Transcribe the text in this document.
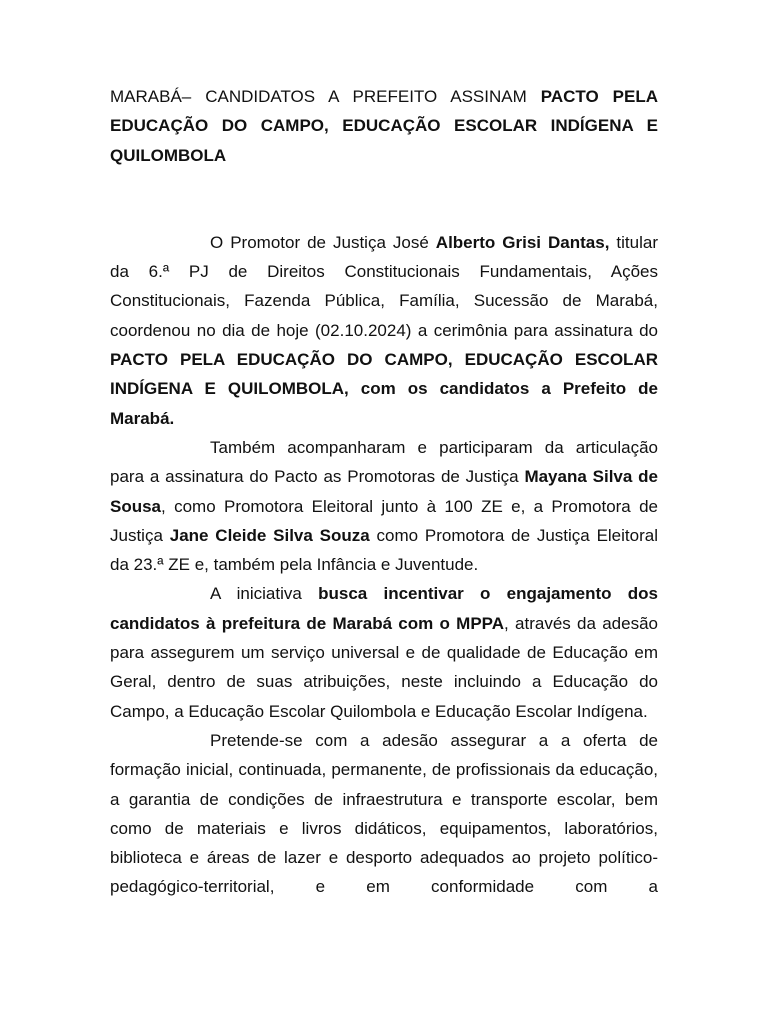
MARABÁ– CANDIDATOS A PREFEITO ASSINAM PACTO PELA EDUCAÇÃO DO CAMPO, EDUCAÇÃO ESCOLAR INDÍGENA E QUILOMBOLA

O Promotor de Justiça José Alberto Grisi Dantas, titular da 6.ª PJ de Direitos Constitucionais Fundamentais, Ações Constitucionais, Fazenda Pública, Família, Sucessão de Marabá, coordenou no dia de hoje (02.10.2024) a cerimônia para assinatura do PACTO PELA EDUCAÇÃO DO CAMPO, EDUCAÇÃO ESCOLAR INDÍGENA E QUILOMBOLA, com os candidatos a Prefeito de Marabá.

Também acompanharam e participaram da articulação para a assinatura do Pacto as Promotoras de Justiça Mayana Silva de Sousa, como Promotora Eleitoral junto à 100 ZE e, a Promotora de Justiça Jane Cleide Silva Souza como Promotora de Justiça Eleitoral da 23.ª ZE e, também pela Infância e Juventude.

A iniciativa busca incentivar o engajamento dos candidatos à prefeitura de Marabá com o MPPA, através da adesão para assegurem um serviço universal e de qualidade de Educação em Geral, dentro de suas atribuições, neste incluindo a Educação do Campo, a Educação Escolar Quilombola e Educação Escolar Indígena.

Pretende-se com a adesão assegurar a a oferta de formação inicial, continuada, permanente, de profissionais da educação, a garantia de condições de infraestrutura e transporte escolar, bem como de materiais e livros didáticos, equipamentos, laboratórios, biblioteca e áreas de lazer e desporto adequados ao projeto político-pedagógico-territorial, e em conformidade com a
